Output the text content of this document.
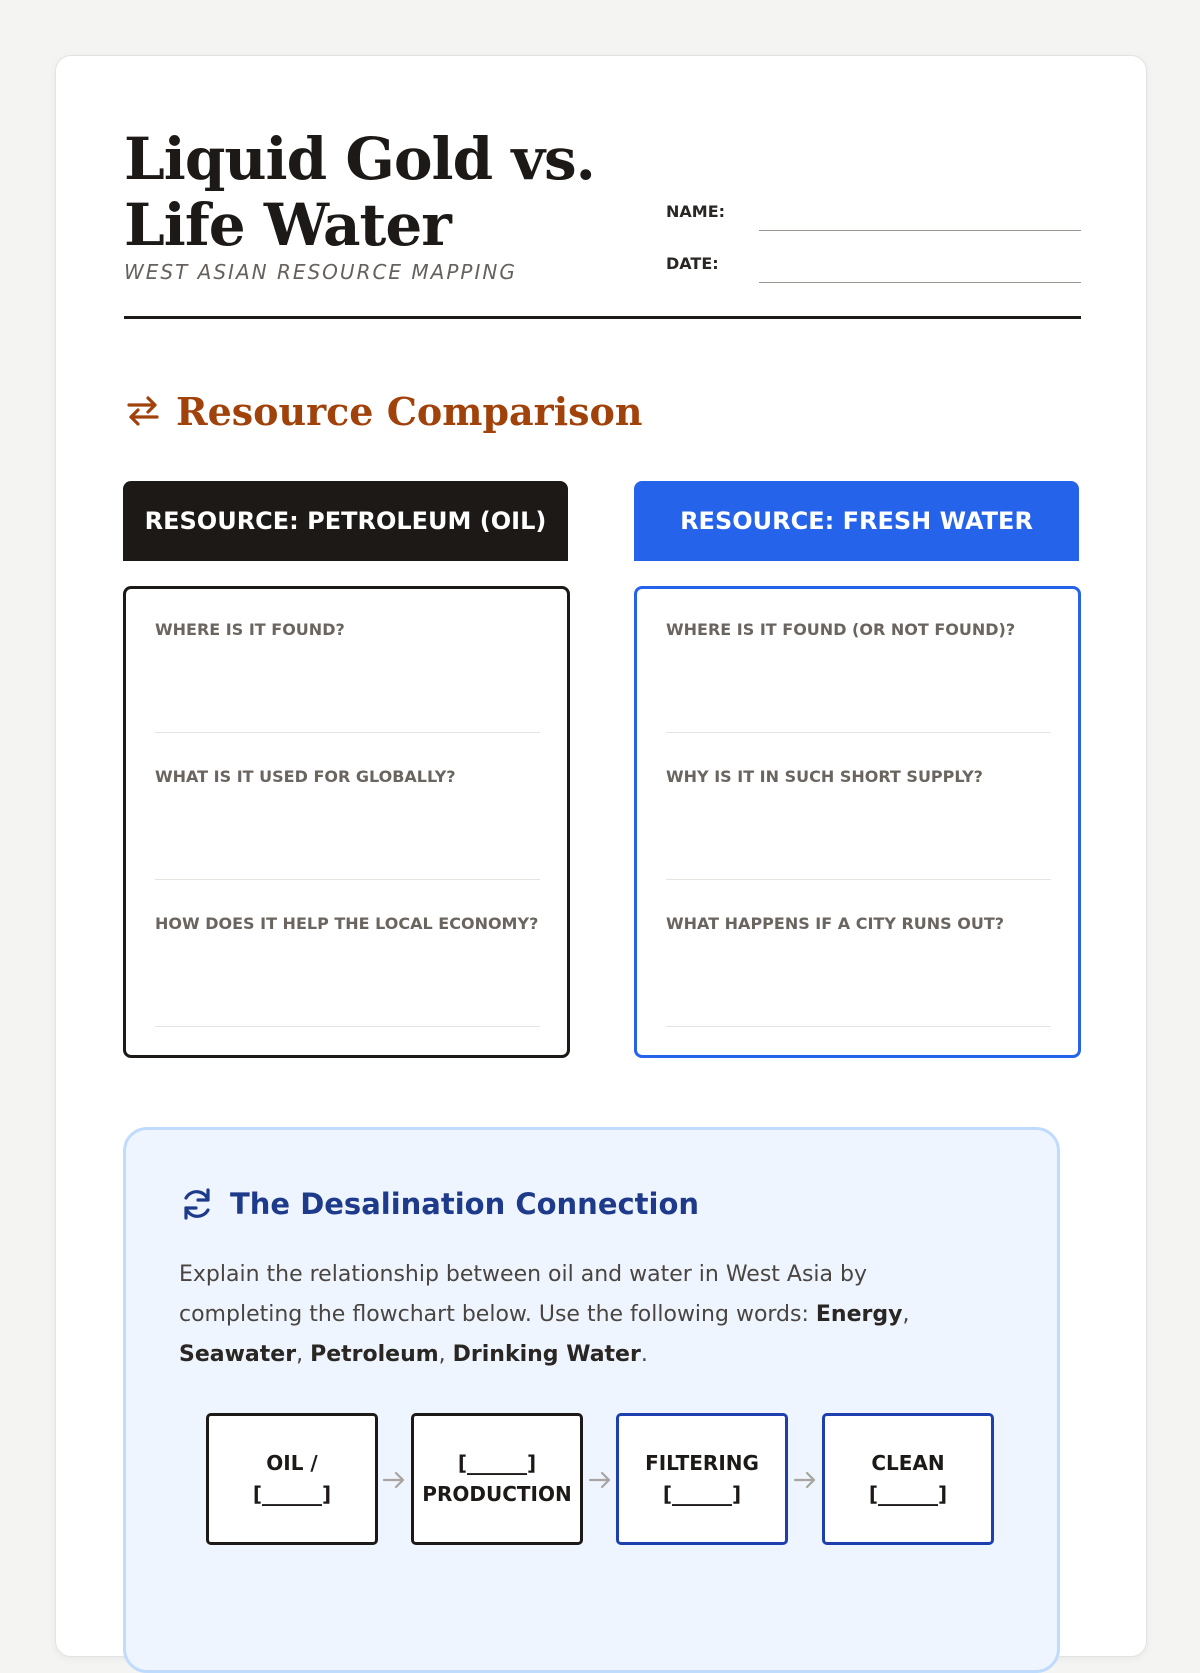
Liquid Gold vs. Life Water
WEST ASIAN RESOURCE MAPPING
NAME:
DATE:
Resource Comparison
RESOURCE: PETROLEUM (OIL)
WHERE IS IT FOUND?
WHAT IS IT USED FOR GLOBALLY?
HOW DOES IT HELP THE LOCAL ECONOMY?
RESOURCE: FRESH WATER
WHERE IS IT FOUND (OR NOT FOUND)?
WHY IS IT IN SUCH SHORT SUPPLY?
WHAT HAPPENS IF A CITY RUNS OUT?
The Desalination Connection
Explain the relationship between oil and water in West Asia by completing the flowchart below. Use the following words: Energy, Seawater, Petroleum, Drinking Water.
OIL /
[______]
[______]
PRODUCTION
FILTERING
[______]
CLEAN
[______]
